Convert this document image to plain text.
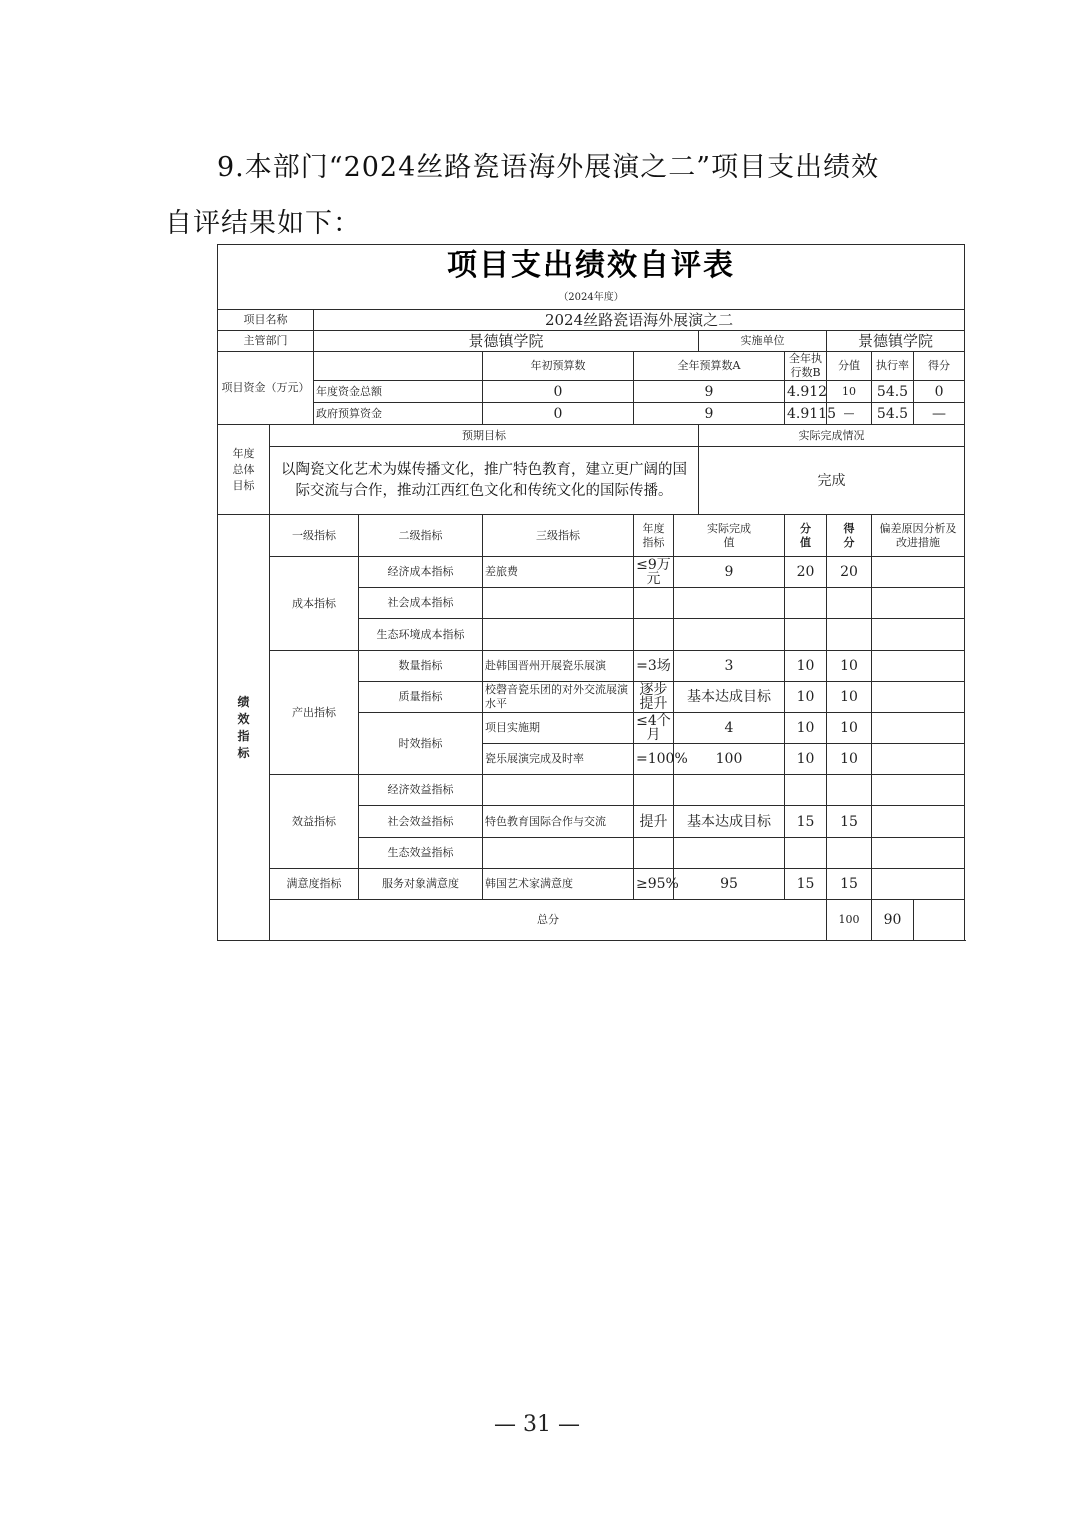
9.本部门“2024丝路瓷语海外展演之二”项目支出绩效
自评结果如下：
项目支出绩效自评表											
（2024年度）											
项目名称		2024丝路瓷语海外展演之二									
主管部门		景德镇学院					实施单位		景德镇学院		
项目资金（万元）				年初预算数	全年预算数A			全年执行数B	分值	执行率	得分
		年度资金总额		0	9			4.912	10	54.5	0
		政府预算资金		0	9			4.9115	—	54.5	—
年度总体目标	预期目标						实际完成情况				
	以陶瓷文化艺术为媒传播文化，推广特色教育，建立更广阔的国际交流与合作，推动江西红色文化和传统文化的国际传播。						完成				
绩效指标	一级指标		二级指标	三级指标	年度指标	实际完成值		分值	得分	偏差原因分析及改进措施	
	成本指标		经济成本指标	差旅费	≤9万元	9		20	20		
			社会成本指标								
			生态环境成本指标								
	产出指标		数量指标	赴韩国晋州开展瓷乐展演	=3场	3		10	10		
			质量指标	校磬音瓷乐团的对外交流展演水平	逐步提升	基本达成目标		10	10		
			时效指标	项目实施期	≤4个月	4		10	10		
				瓷乐展演完成及时率	=100%	100		10	10		
	效益指标		经济效益指标								
			社会效益指标	特色教育国际合作与交流	提升	基本达成目标		15	15		
			生态效益指标								
	满意度指标		服务对象满意度	韩国艺术家满意度	≥95%	95		15	15		
	总分								100	90	
— 31 —
